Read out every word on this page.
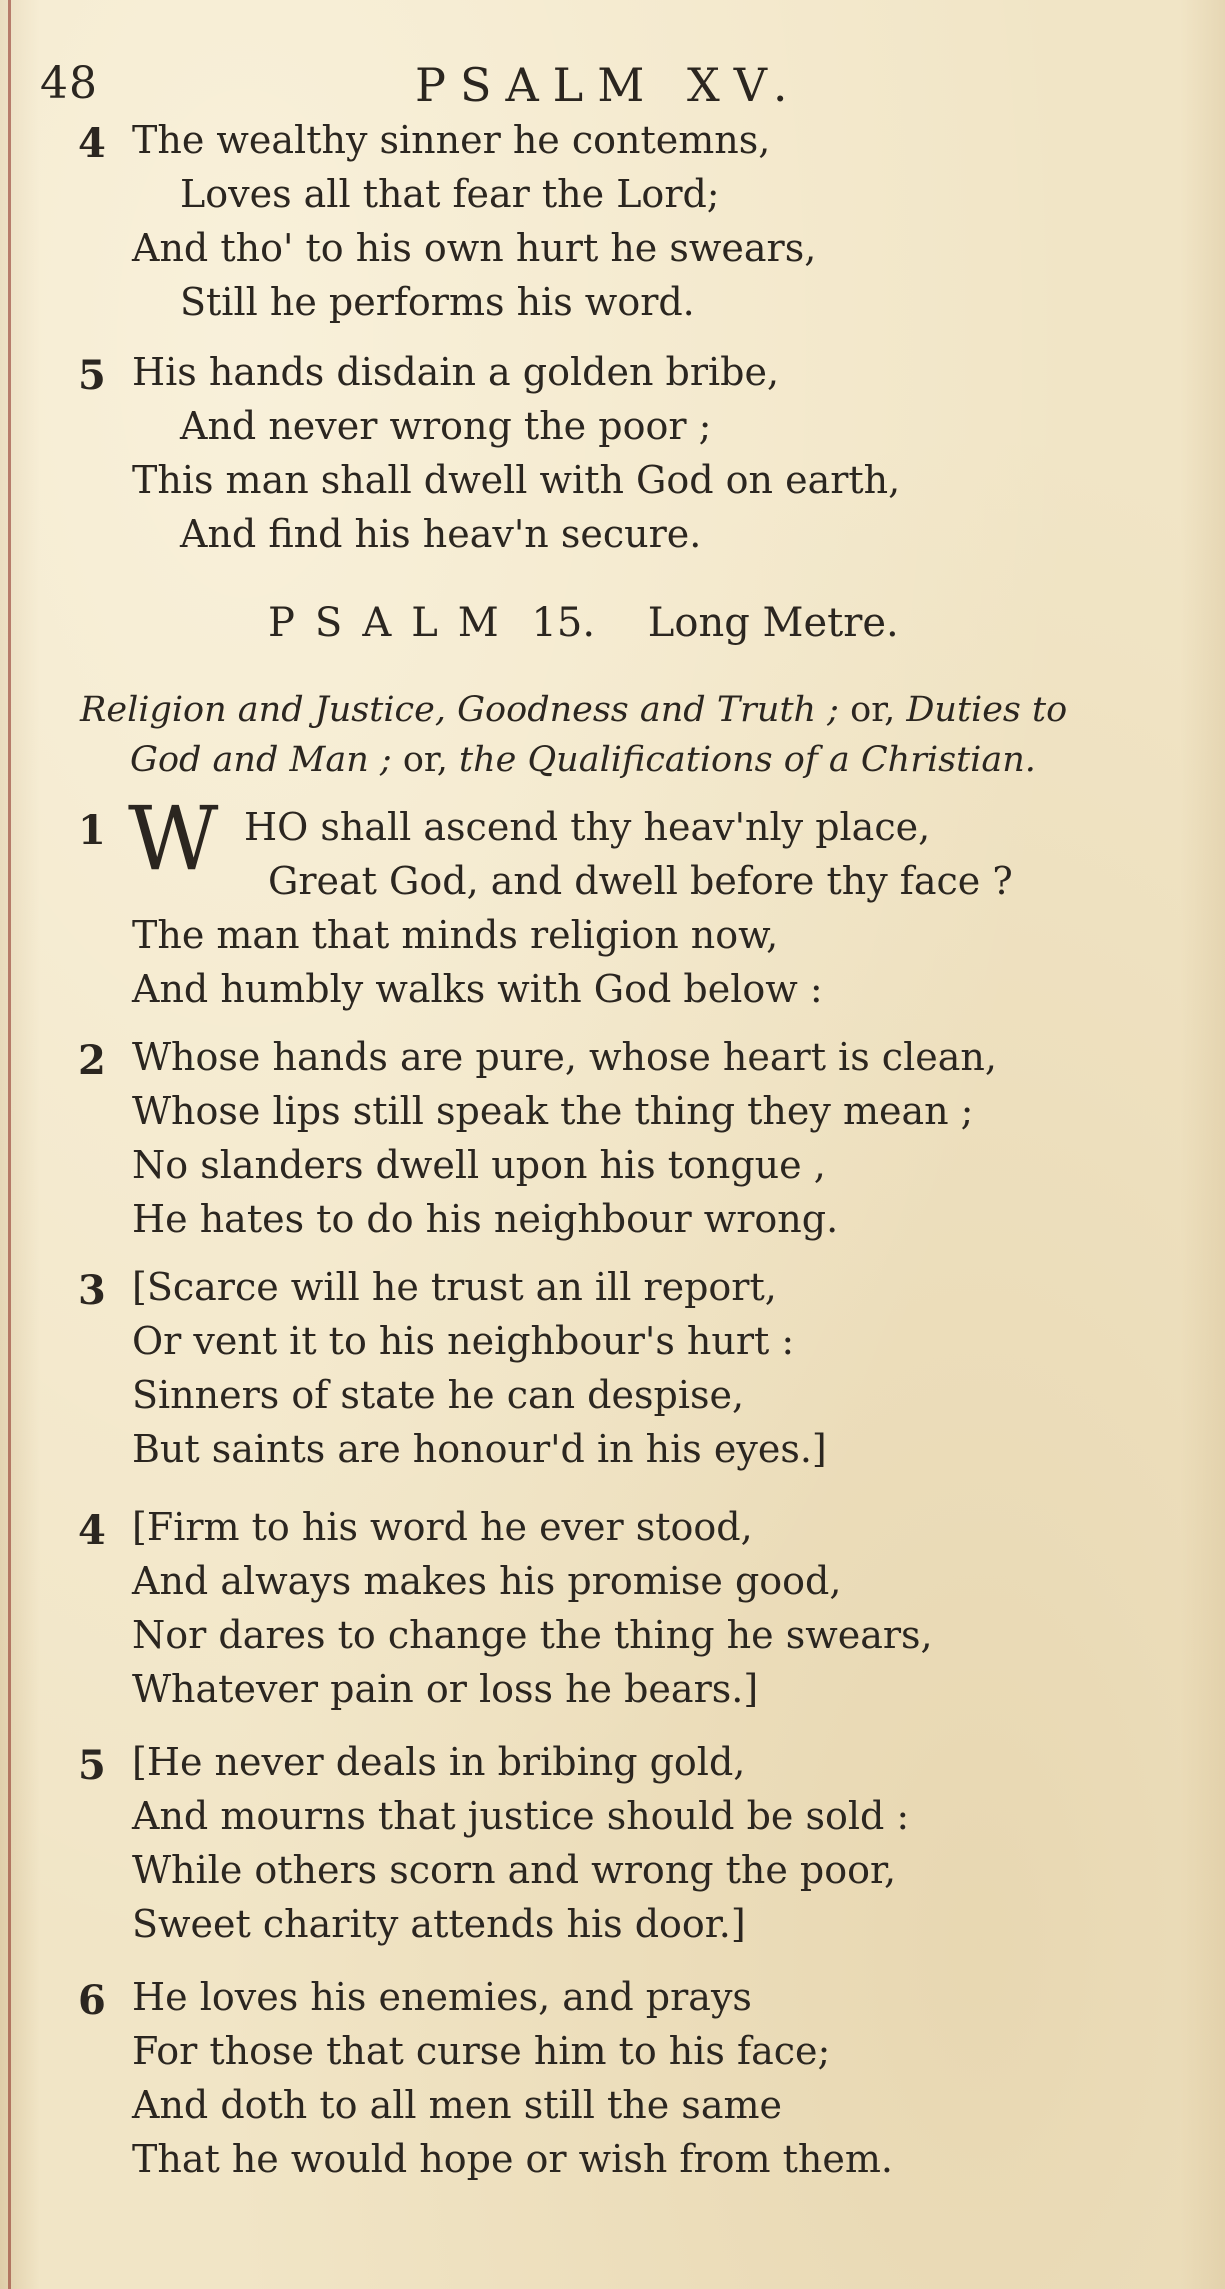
48	PSALM XV.
4 The wealthy sinner he contemns,
Loves all that fear the Lord;
And tho' to his own hurt he swears,
Still he performs his word.
5 His hands disdain a golden bribe,
And never wrong the poor ;
This man shall dwell with God on earth,
And find his heav'n secure.
PSALM 15. Long Metre.
Religion and Justice, Goodness and Truth ; or, Duties to
God and Man ; or, the Qualifications of a Christian.
1	HO shall ascend thy heav'nly place,
Great God, and dwell before thy face ?
The man that minds religion now,
And humbly walks with God below :
W
2 Whose hands are pure, whose heart is clean,
Whose lips still speak the thing they mean ;
No slanders dwell upon his tongue ,
He hates to do his neighbour wrong.
3 [Scarce will he trust an ill report,
Or vent it to his neighbour's hurt :
Sinners of state he can despise,
But saints are honour'd in his eyes.]
4 [Firm to his word he ever stood,
And always makes his promise good,
Nor dares to change the thing he swears,
Whatever pain or loss he bears.]
5 [He never deals in bribing gold,
And mourns that justice should be sold :
While others scorn and wrong the poor,
Sweet charity attends his door.]
6 He loves his enemies, and prays
For those that curse him to his face;
And doth to all men still the same
That he would hope or wish from them.
